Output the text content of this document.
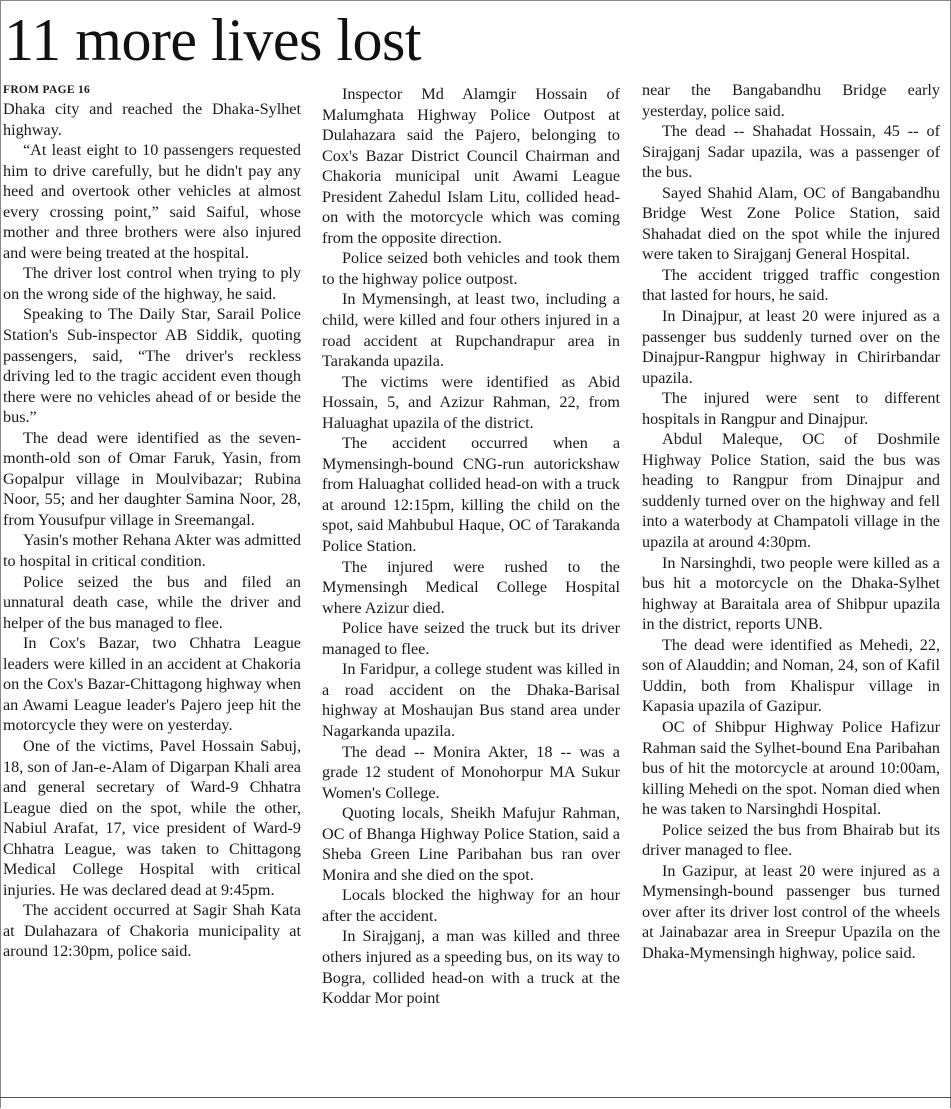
11 more lives lost
FROM PAGE 16

Dhaka city and reached the Dhaka-Sylhet highway.

“At least eight to 10 passengers requested him to drive carefully, but he didn't pay any heed and overtook other vehicles at almost every crossing point,” said Saiful, whose mother and three brothers were also injured and were being treated at the hospital.

The driver lost control when trying to ply on the wrong side of the highway, he said.

Speaking to The Daily Star, Sarail Police Station's Sub-inspector AB Siddik, quoting passengers, said, “The driver's reckless driving led to the tragic accident even though there were no vehicles ahead of or beside the bus.”

The dead were identified as the seven-month-old son of Omar Faruk, Yasin, from Gopalpur village in Moulvibazar; Rubina Noor, 55; and her daughter Samina Noor, 28, from Yousufpur village in Sreemangal.

Yasin's mother Rehana Akter was admitted to hospital in critical condition.

Police seized the bus and filed an unnatural death case, while the driver and helper of the bus managed to flee.

In Cox's Bazar, two Chhatra League leaders were killed in an accident at Chakoria on the Cox's Bazar-Chittagong highway when an Awami League leader's Pajero jeep hit the motorcycle they were on yesterday.

One of the victims, Pavel Hossain Sabuj, 18, son of Jan-e-Alam of Digarpan Khali area and general secretary of Ward-9 Chhatra League died on the spot, while the other, Nabiul Arafat, 17, vice president of Ward-9 Chhatra League, was taken to Chittagong Medical College Hospital with critical injuries. He was declared dead at 9:45pm.

The accident occurred at Sagir Shah Kata at Dulahazara of Chakoria municipality at around 12:30pm, police said.

Inspector Md Alamgir Hossain of Malumghata Highway Police Outpost at Dulahazara said the Pajero, belonging to Cox's Bazar District Council Chairman and Chakoria municipal unit Awami League President Zahedul Islam Litu, collided head-on with the motorcycle which was coming from the opposite direction.

Police seized both vehicles and took them to the highway police outpost.

In Mymensingh, at least two, including a child, were killed and four others injured in a road accident at Rupchandrapur area in Tarakanda upazila.

The victims were identified as Abid Hossain, 5, and Azizur Rahman, 22, from Haluaghat upazila of the district.

The accident occurred when a Mymensingh-bound CNG-run autorickshaw from Haluaghat collided head-on with a truck at around 12:15pm, killing the child on the spot, said Mahbubul Haque, OC of Tarakanda Police Station.

The injured were rushed to the Mymensingh Medical College Hospital where Azizur died.

Police have seized the truck but its driver managed to flee.

In Faridpur, a college student was killed in a road accident on the Dhaka-Barisal highway at Moshaujan Bus stand area under Nagarkanda upazila.

The dead -- Monira Akter, 18 -- was a grade 12 student of Monohorpur MA Sukur Women's College.

Quoting locals, Sheikh Mafujur Rahman, OC of Bhanga Highway Police Station, said a Sheba Green Line Paribahan bus ran over Monira and she died on the spot.

Locals blocked the highway for an hour after the accident.

In Sirajganj, a man was killed and three others injured as a speeding bus, on its way to Bogra, collided head-on with a truck at the Koddar Mor point

near the Bangabandhu Bridge early yesterday, police said.

The dead -- Shahadat Hossain, 45 -- of Sirajganj Sadar upazila, was a passenger of the bus.

Sayed Shahid Alam, OC of Bangabandhu Bridge West Zone Police Station, said Shahadat died on the spot while the injured were taken to Sirajganj General Hospital.

The accident trigged traffic congestion that lasted for hours, he said.

In Dinajpur, at least 20 were injured as a passenger bus suddenly turned over on the Dinajpur-Rangpur highway in Chirirbandar upazila.

The injured were sent to different hospitals in Rangpur and Dinajpur.

Abdul Maleque, OC of Doshmile Highway Police Station, said the bus was heading to Rangpur from Dinajpur and suddenly turned over on the highway and fell into a waterbody at Champatoli village in the upazila at around 4:30pm.

In Narsinghdi, two people were killed as a bus hit a motorcycle on the Dhaka-Sylhet highway at Baraitala area of Shibpur upazila in the district, reports UNB.

The dead were identified as Mehedi, 22, son of Alauddin; and Noman, 24, son of Kafil Uddin, both from Khalispur village in Kapasia upazila of Gazipur.

OC of Shibpur Highway Police Hafizur Rahman said the Sylhet-bound Ena Paribahan bus of hit the motorcycle at around 10:00am, killing Mehedi on the spot. Noman died when he was taken to Narsinghdi Hospital.

Police seized the bus from Bhairab but its driver managed to flee.

In Gazipur, at least 20 were injured as a Mymensingh-bound passenger bus turned over after its driver lost control of the wheels at Jainabazar area in Sreepur Upazila on the Dhaka-Mymensingh highway, police said.
